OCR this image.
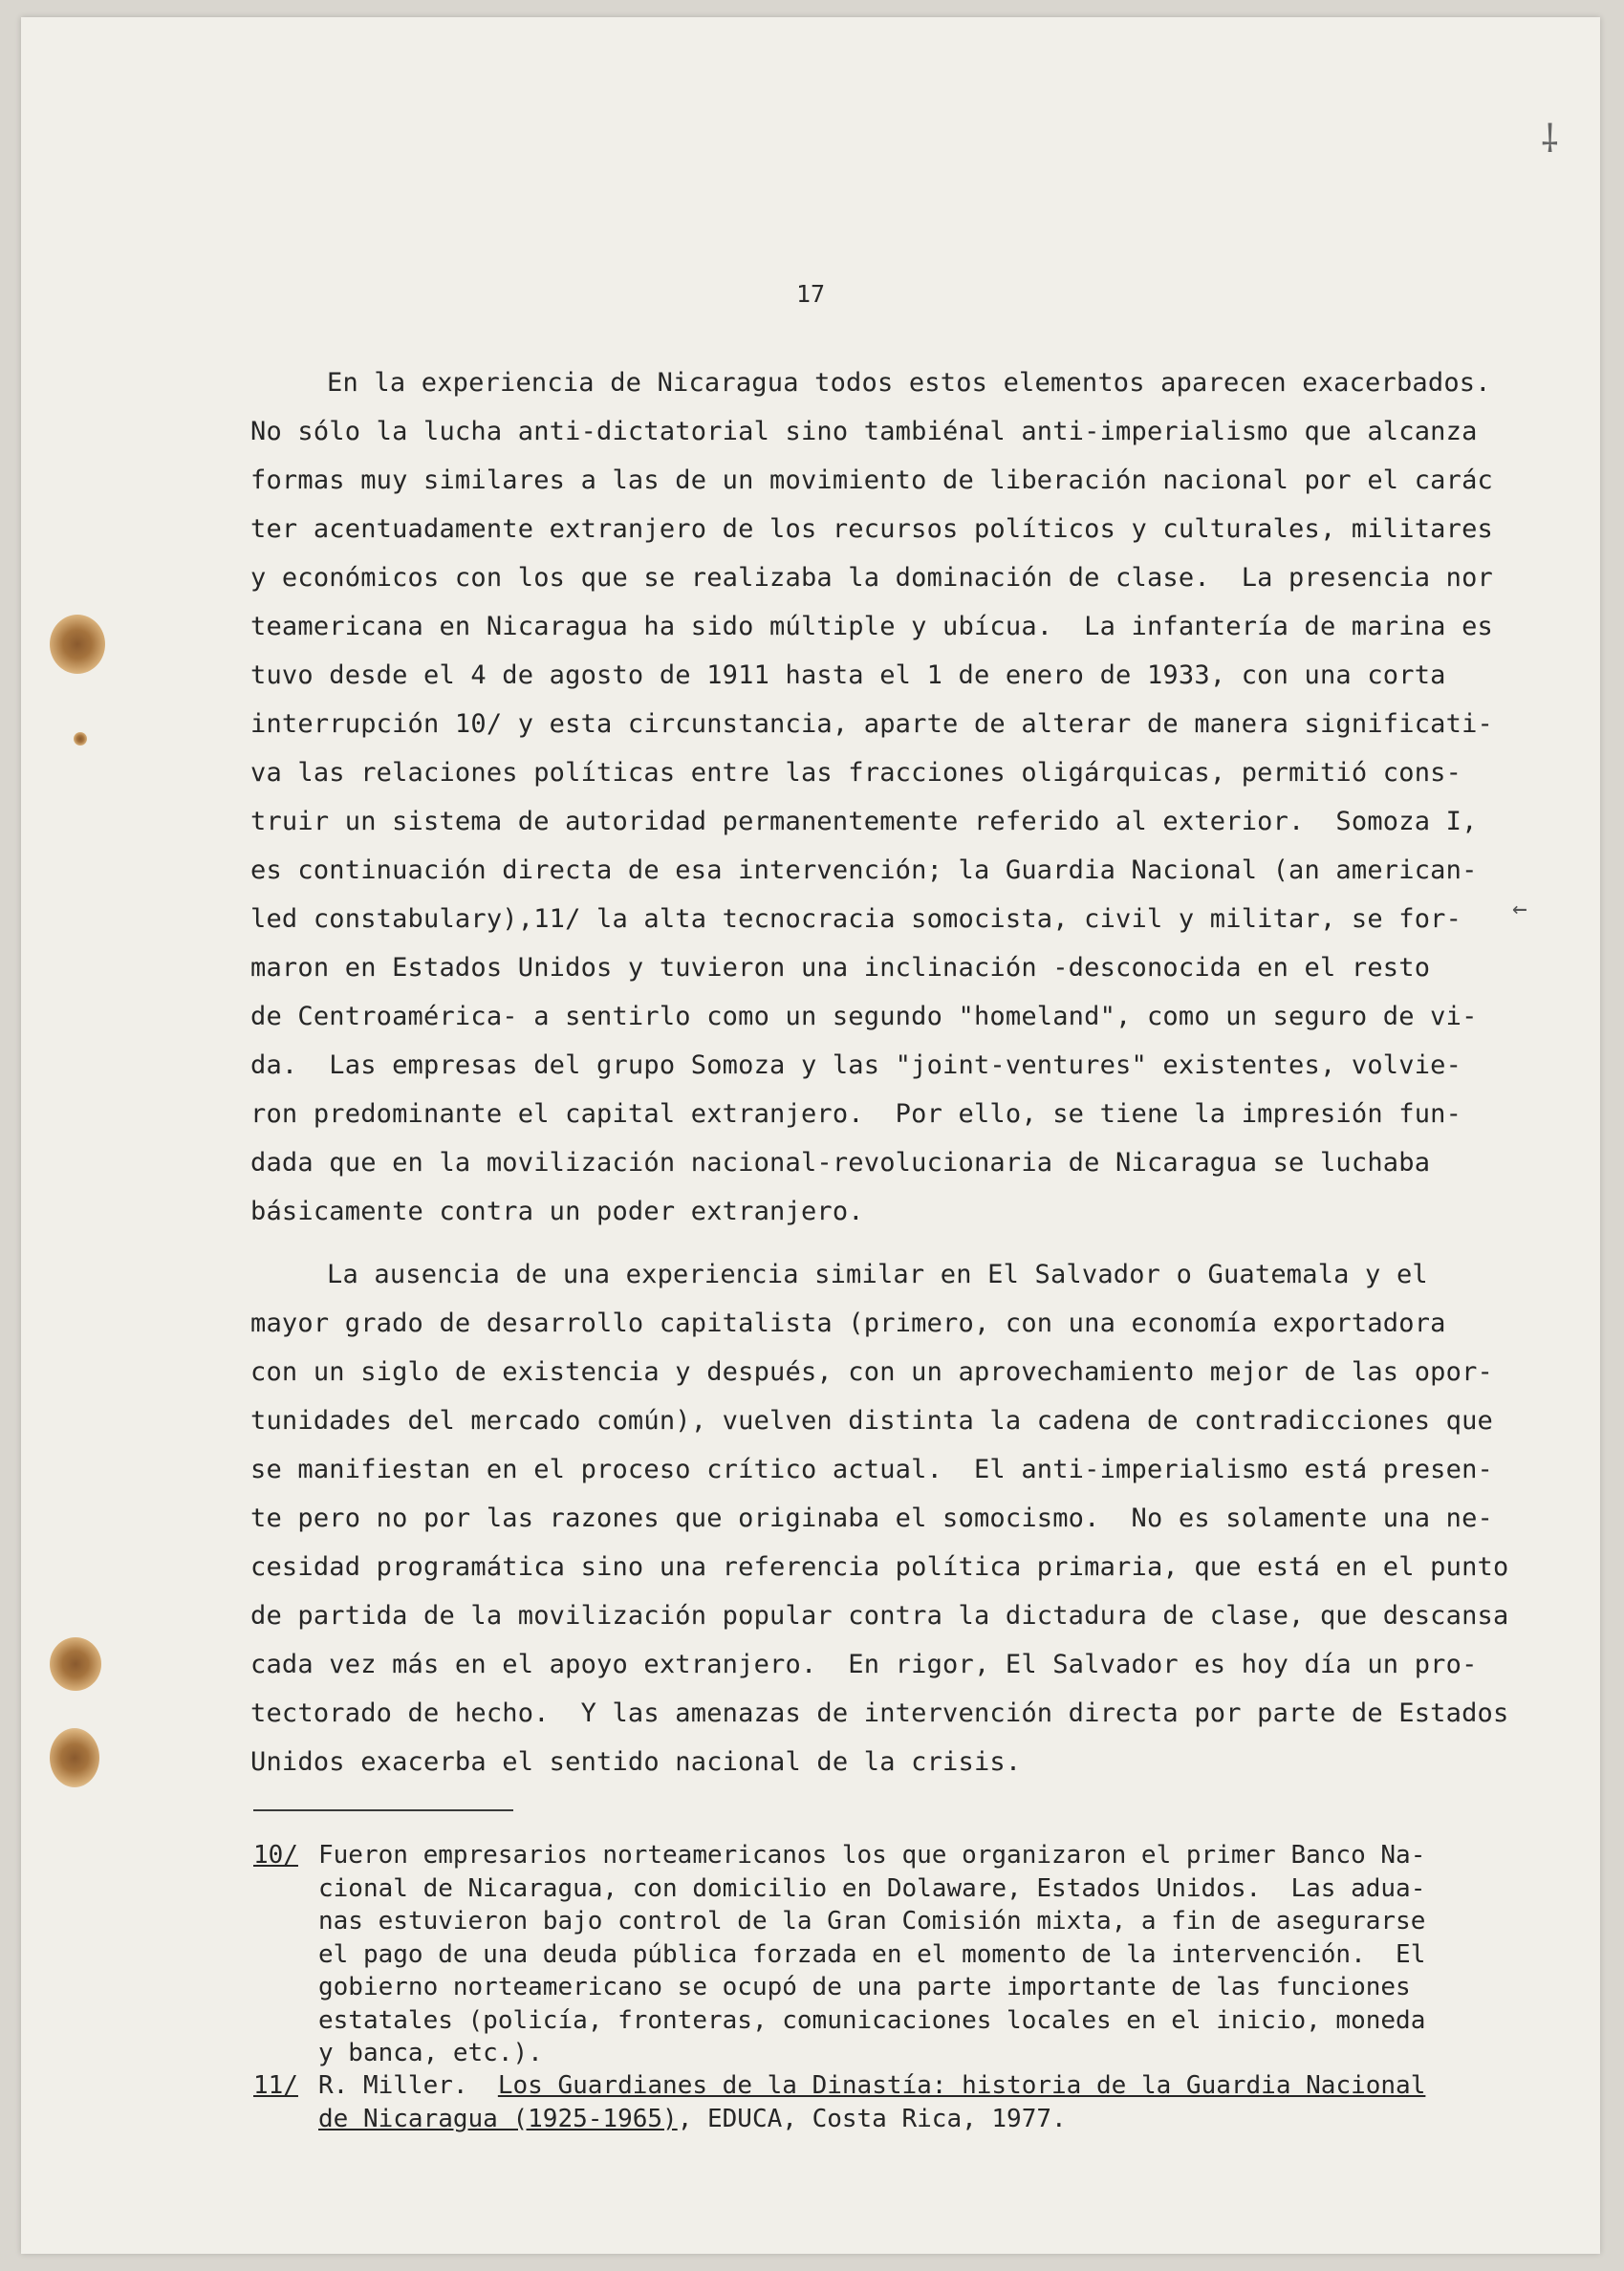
⸸
←
17
En la experiencia de Nicaragua todos estos elementos aparecen exacerbados.
No sólo la lucha anti-dictatorial sino tambiénal anti-imperialismo que alcanza
formas muy similares a las de un movimiento de liberación nacional por el carác
ter acentuadamente extranjero de los recursos políticos y culturales, militares
y económicos con los que se realizaba la dominación de clase.  La presencia nor
teamericana en Nicaragua ha sido múltiple y ubícua.  La infantería de marina es
tuvo desde el 4 de agosto de 1911 hasta el 1 de enero de 1933, con una corta
interrupción 10/ y esta circunstancia, aparte de alterar de manera significati-
va las relaciones políticas entre las fracciones oligárquicas, permitió cons-
truir un sistema de autoridad permanentemente referido al exterior.  Somoza I,
es continuación directa de esa intervención; la Guardia Nacional (an american-
led constabulary),11/ la alta tecnocracia somocista, civil y militar, se for-
maron en Estados Unidos y tuvieron una inclinación -desconocida en el resto
de Centroamérica- a sentirlo como un segundo "homeland", como un seguro de vi-
da.  Las empresas del grupo Somoza y las "joint-ventures" existentes, volvie-
ron predominante el capital extranjero.  Por ello, se tiene la impresión fun-
dada que en la movilización nacional-revolucionaria de Nicaragua se luchaba
básicamente contra un poder extranjero.
La ausencia de una experiencia similar en El Salvador o Guatemala y el
mayor grado de desarrollo capitalista (primero, con una economía exportadora
con un siglo de existencia y después, con un aprovechamiento mejor de las opor-
tunidades del mercado común), vuelven distinta la cadena de contradicciones que
se manifiestan en el proceso crítico actual.  El anti-imperialismo está presen-
te pero no por las razones que originaba el somocismo.  No es solamente una ne-
cesidad programática sino una referencia política primaria, que está en el punto
de partida de la movilización popular contra la dictadura de clase, que descansa
cada vez más en el apoyo extranjero.  En rigor, El Salvador es hoy día un pro-
tectorado de hecho.  Y las amenazas de intervención directa por parte de Estados
Unidos exacerba el sentido nacional de la crisis.
10/ Fueron empresarios norteamericanos los que organizaron el primer Banco Na-
cional de Nicaragua, con domicilio en Dolaware, Estados Unidos.  Las adua-
nas estuvieron bajo control de la Gran Comisión mixta, a fin de asegurarse
el pago de una deuda pública forzada en el momento de la intervención.  El
gobierno norteamericano se ocupó de una parte importante de las funciones
estatales (policía, fronteras, comunicaciones locales en el inicio, moneda
y banca, etc.).
11/ R. Miller. Los Guardianes de la Dinastía: historia de la Guardia Nacional
de Nicaragua (1925-1965), EDUCA, Costa Rica, 1977.
